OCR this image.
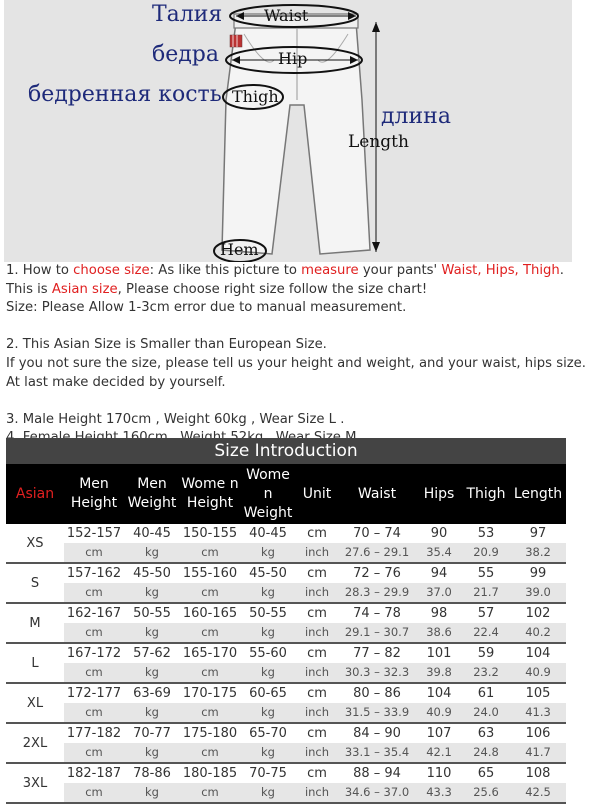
Талия
бедра
бедренная кость
длина
Waist
Hip
Thigh
Length
Hem

1. How to choose size: As like this picture to measure your pants' Waist, Hips, Thigh.

This is Asian size, Please choose right size follow the size chart!

Size: Please Allow 1-3cm error due to manual measurement.

2. This Asian Size is Smaller than European Size.

If you not sure the size, please tell us your height and weight, and your waist, hips size.

At last make decided by yourself.

3. Male Height 170cm , Weight 60kg , Wear Size L .

Size Introduction
Asian	Men Height	Men Weight	Wome n Height	Wome n Weight	Unit	Waist	Hips	Thigh	Length
XS	152-157	40-45	150-155	40-45	cm	70 – 74	90	53	97
	cm	kg	cm	kg	inch	27.6 – 29.1	35.4	20.9	38.2
S	157-162	45-50	155-160	45-50	cm	72 – 76	94	55	99
	cm	kg	cm	kg	inch	28.3 – 29.9	37.0	21.7	39.0
M	162-167	50-55	160-165	50-55	cm	74 – 78	98	57	102
	cm	kg	cm	kg	inch	29.1 – 30.7	38.6	22.4	40.2
L	167-172	57-62	165-170	55-60	cm	77 – 82	101	59	104
	cm	kg	cm	kg	inch	30.3 – 32.3	39.8	23.2	40.9
XL	172-177	63-69	170-175	60-65	cm	80 – 86	104	61	105
	cm	kg	cm	kg	inch	31.5 – 33.9	40.9	24.0	41.3
2XL	177-182	70-77	175-180	65-70	cm	84 – 90	107	63	106
	cm	kg	cm	kg	inch	33.1 – 35.4	42.1	24.8	41.7
3XL	182-187	78-86	180-185	70-75	cm	88 – 94	110	65	108
	cm	kg	cm	kg	inch	34.6 – 37.0	43.3	25.6	42.5
